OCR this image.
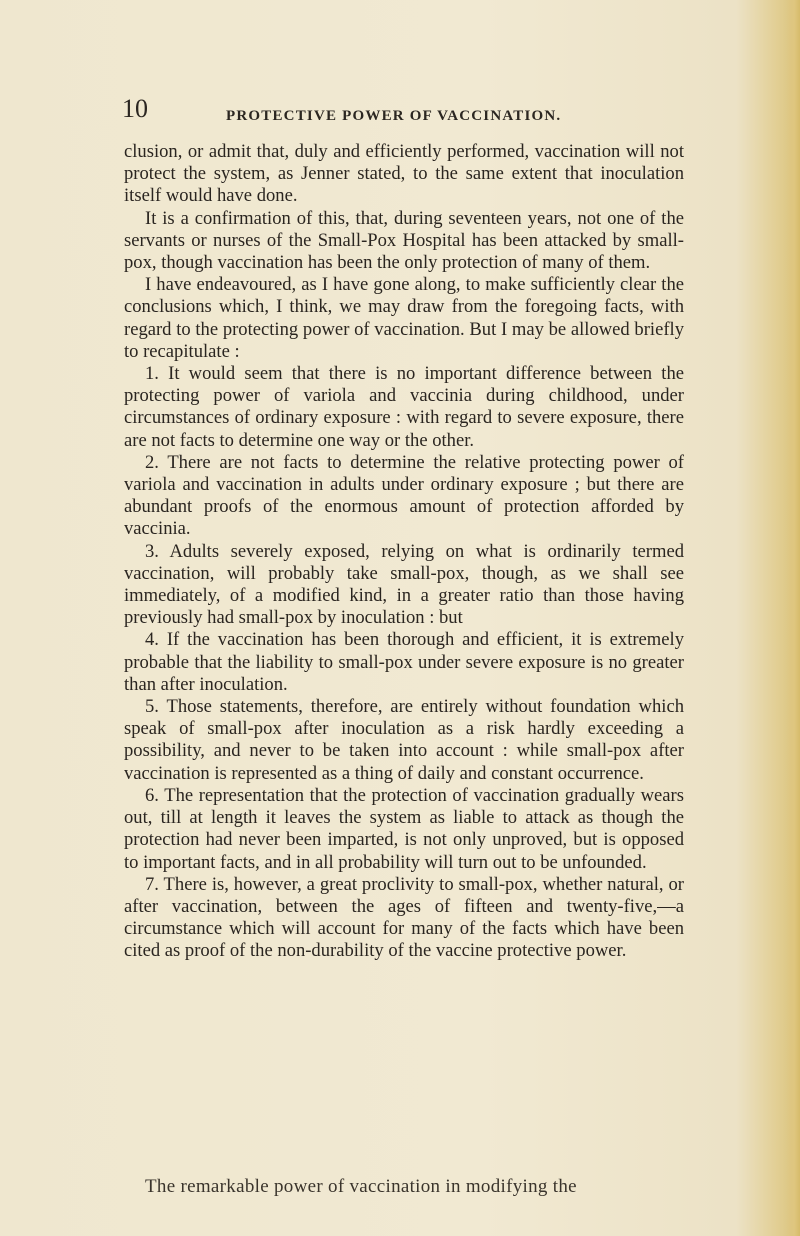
10	PROTECTIVE POWER OF VACCINATION.

clusion, or admit that, duly and efficiently performed, vaccination will not protect the system, as Jenner stated, to the same extent that inoculation itself would have done.

It is a confirmation of this, that, during seventeen years, not one of the servants or nurses of the Small-Pox Hospital has been attacked by small-pox, though vaccination has been the only protection of many of them.

I have endeavoured, as I have gone along, to make sufficiently clear the conclusions which, I think, we may draw from the foregoing facts, with regard to the protecting power of vaccination. But I may be allowed briefly to recapitulate :

1. It would seem that there is no important difference between the protecting power of variola and vaccinia during childhood, under circumstances of ordinary exposure : with regard to severe exposure, there are not facts to determine one way or the other.

2. There are not facts to determine the relative protecting power of variola and vaccination in adults under ordinary exposure ; but there are abundant proofs of the enormous amount of protection afforded by vaccinia.

3. Adults severely exposed, relying on what is ordinarily termed vaccination, will probably take small-pox, though, as we shall see immediately, of a modified kind, in a greater ratio than those having previously had small-pox by inoculation : but

4. If the vaccination has been thorough and efficient, it is extremely probable that the liability to small-pox under severe exposure is no greater than after inoculation.

5. Those statements, therefore, are entirely without foundation which speak of small-pox after inoculation as a risk hardly exceeding a possibility, and never to be taken into account : while small-pox after vaccination is represented as a thing of daily and constant occurrence.

6. The representation that the protection of vaccination gradually wears out, till at length it leaves the system as liable to attack as though the protection had never been imparted, is not only unproved, but is opposed to important facts, and in all probability will turn out to be unfounded.

7. There is, however, a great proclivity to small-pox, whether natural, or after vaccination, between the ages of fifteen and twenty-five,—a circumstance which will account for many of the facts which have been cited as proof of the non-durability of the vaccine protective power.

The remarkable power of vaccination in modifying the
